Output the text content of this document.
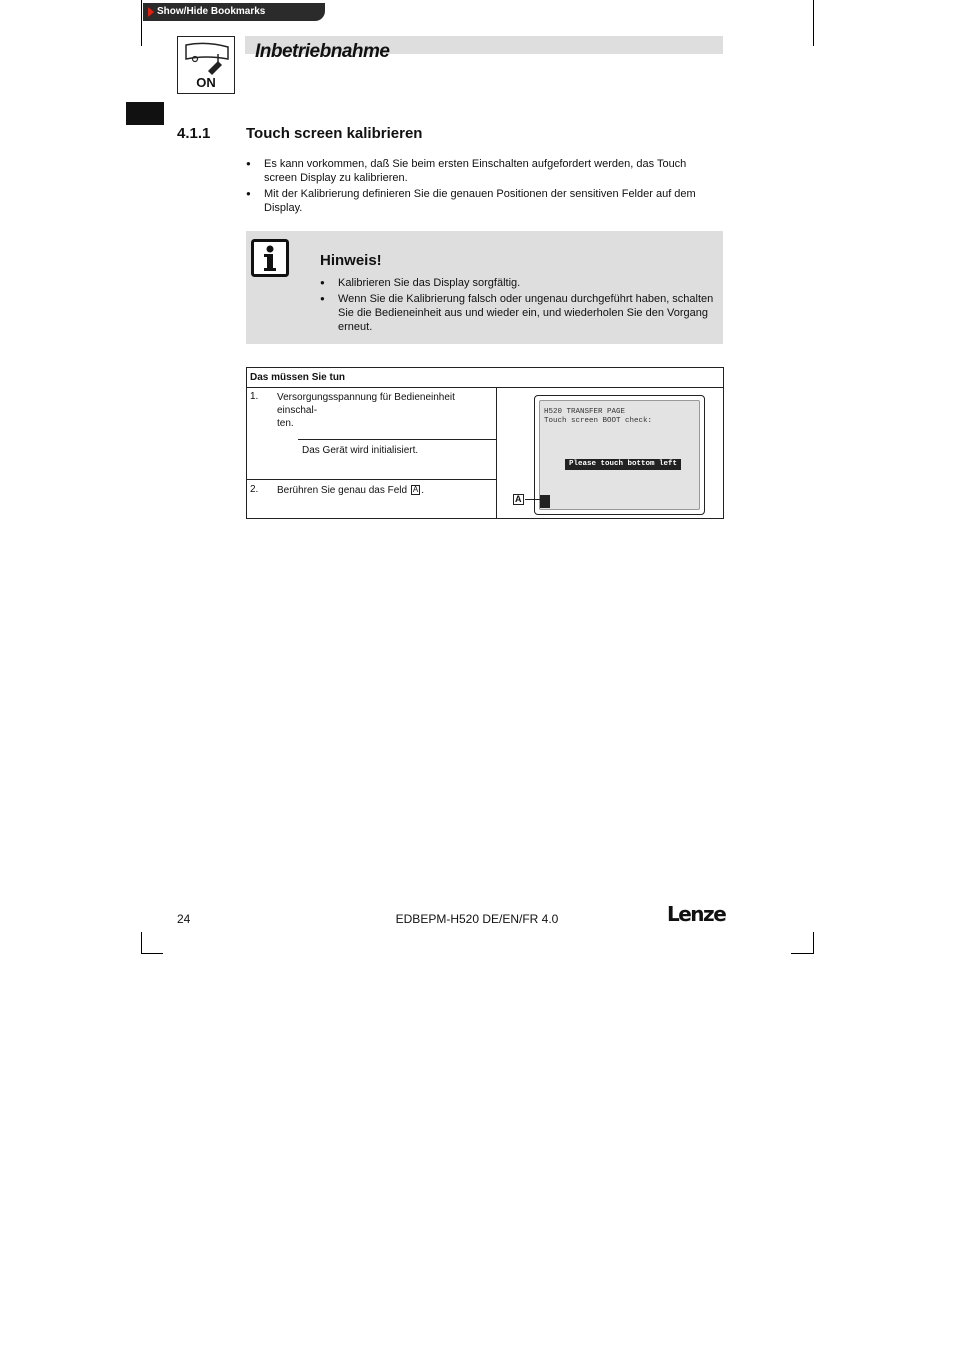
Show/Hide Bookmarks
ON
Inbetriebnahme
4.1.1 Touch screen kalibrieren
● Es kann vorkommen, daß Sie beim ersten Einschalten aufgefordert werden, das Touch screen Display zu kalibrieren.
● Mit der Kalibrierung definieren Sie die genauen Positionen der sensitiven Felder auf dem Display.
Hinweis!
● Kalibrieren Sie das Display sorgfältig.
● Wenn Sie die Kalibrierung falsch oder ungenau durchgeführt haben, schalten Sie die Bedieneinheit aus und wieder ein, und wiederholen Sie den Vorgang erneut.
Das müssen Sie tun
1. Versorgungsspannung für Bedieneinheit einschal-
ten.
Das Gerät wird initialisiert.
2. Berühren Sie genau das Feld A .
H520 TRANSFER PAGE
Touch screen BOOT check:
Please touch bottom left
A
24	EDBEPM-H520 DE/EN/FR 4.0	Lenze
